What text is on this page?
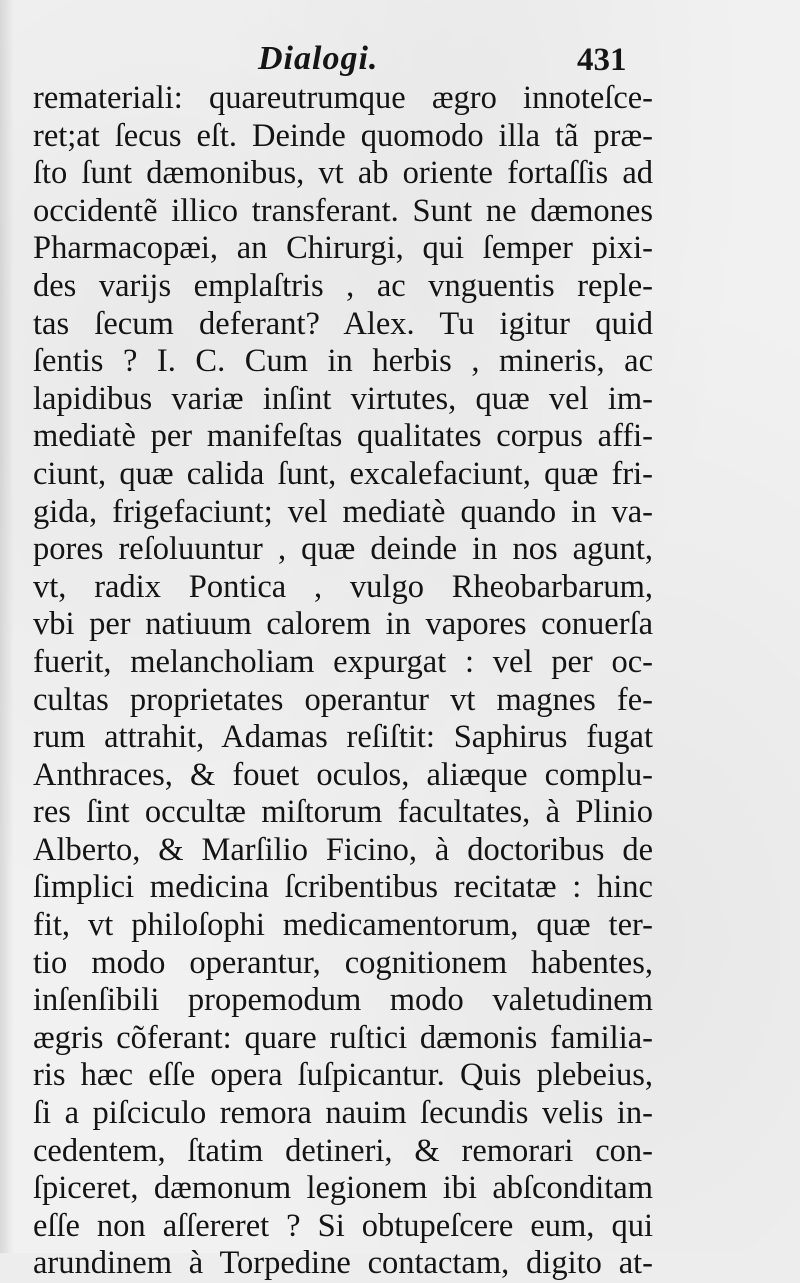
Dialogi.	431
remateriali: quareutrumque ægro innoteſce-
ret;at ſecus eſt. Deinde quomodo illa tã præ-
ſto ſunt dæmonibus, vt ab oriente fortaſſis ad
occidentẽ illico transferant. Sunt ne dæmones
Pharmacopæi, an Chirurgi, qui ſemper pixi-
des varijs emplaſtris , ac vnguentis reple-
tas ſecum deferant? Alex. Tu igitur quid
ſentis ? I. C. Cum in herbis , mineris, ac
lapidibus variæ inſint virtutes, quæ vel im-
mediatè per manifeſtas qualitates corpus affi-
ciunt, quæ calida ſunt, excalefaciunt, quæ fri-
gida, frigefaciunt; vel mediatè quando in va-
pores reſoluuntur , quæ deinde in nos agunt,
vt, radix Pontica , vulgo Rheobarbarum,
vbi per natiuum calorem in vapores conuerſa
fuerit, melancholiam expurgat : vel per oc-
cultas proprietates operantur vt magnes fe-
rum attrahit, Adamas reſiſtit: Saphirus fugat
Anthraces, & fouet oculos, aliæque complu-
res ſint occultæ miſtorum facultates, à Plinio
Alberto, & Marſilio Ficino, à doctoribus de
ſimplici medicina ſcribentibus recitatæ : hinc
fit, vt philoſophi medicamentorum, quæ ter-
tio modo operantur, cognitionem habentes,
inſenſibili propemodum modo valetudinem
ægris cõferant: quare ruſtici dæmonis familia-
ris hæc eſſe opera ſuſpicantur. Quis plebeius,
ſi a piſciculo remora nauim ſecundis velis in-
cedentem, ſtatim detineri, & remorari con-
ſpiceret, dæmonum legionem ibi abſconditam
eſſe non aſſereret ? Si obtupeſcere eum, qui
arundinem à Torpedine contactam, digito at-
